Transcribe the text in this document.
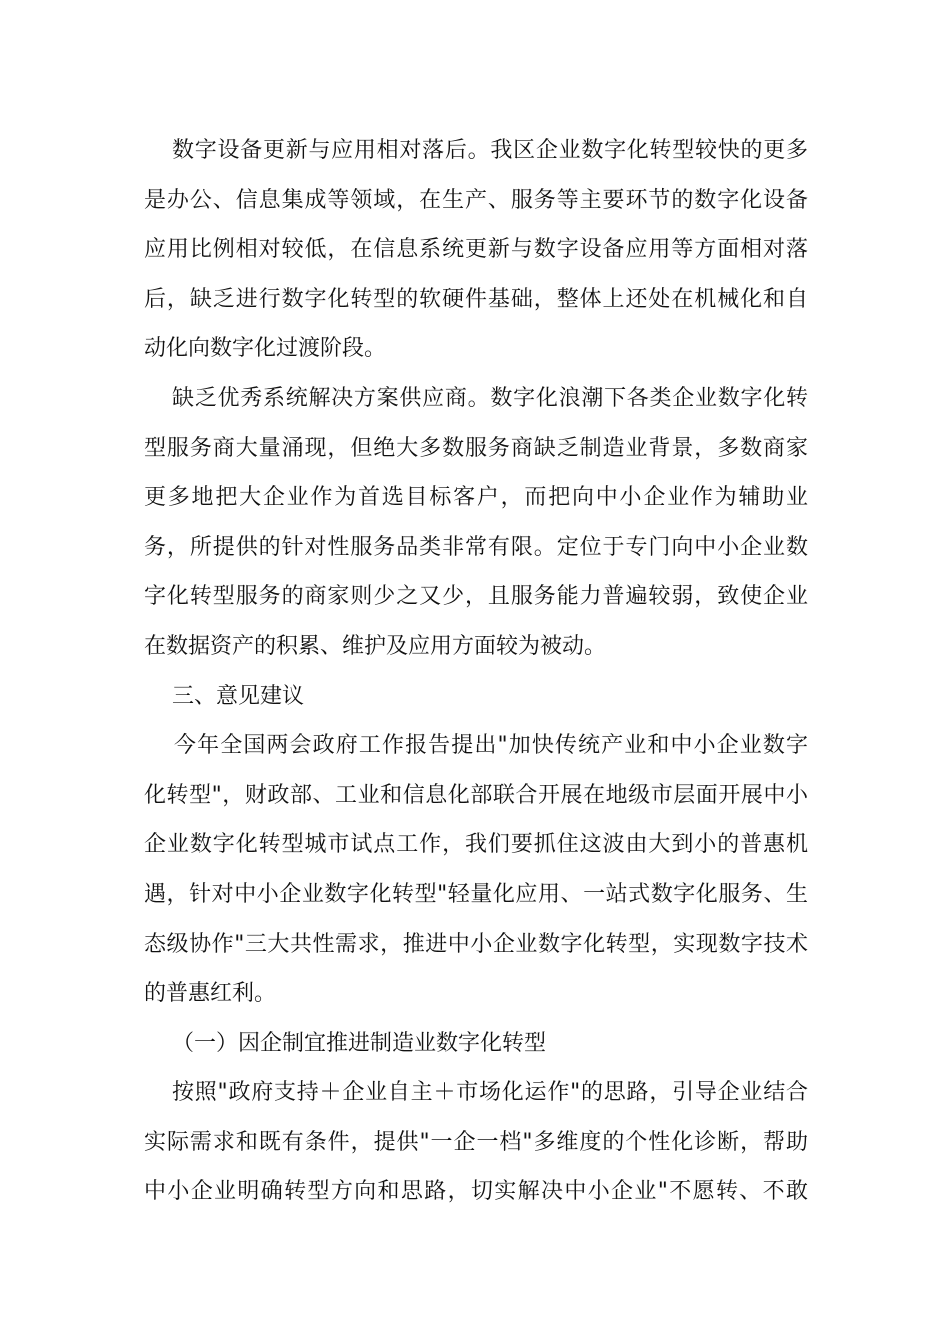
数字设备更新与应用相对落后。我区企业数字化转型较快的更多
是办公、信息集成等领域，在生产、服务等主要环节的数字化设备
应用比例相对较低，在信息系统更新与数字设备应用等方面相对落
后，缺乏进行数字化转型的软硬件基础，整体上还处在机械化和自
动化向数字化过渡阶段。
缺乏优秀系统解决方案供应商。数字化浪潮下各类企业数字化转
型服务商大量涌现，但绝大多数服务商缺乏制造业背景，多数商家
更多地把大企业作为首选目标客户，而把向中小企业作为辅助业
务，所提供的针对性服务品类非常有限。定位于专门向中小企业数
字化转型服务的商家则少之又少，且服务能力普遍较弱，致使企业
在数据资产的积累、维护及应用方面较为被动。
三、意见建议
今年全国两会政府工作报告提出"加快传统产业和中小企业数字
化转型"，财政部、工业和信息化部联合开展在地级市层面开展中小
企业数字化转型城市试点工作，我们要抓住这波由大到小的普惠机
遇，针对中小企业数字化转型"轻量化应用、一站式数字化服务、生
态级协作"三大共性需求，推进中小企业数字化转型，实现数字技术
的普惠红利。
（一）因企制宜推进制造业数字化转型
按照"政府支持＋企业自主＋市场化运作"的思路，引导企业结合
实际需求和既有条件，提供"一企一档"多维度的个性化诊断，帮助
中小企业明确转型方向和思路，切实解决中小企业"不愿转、不敢
